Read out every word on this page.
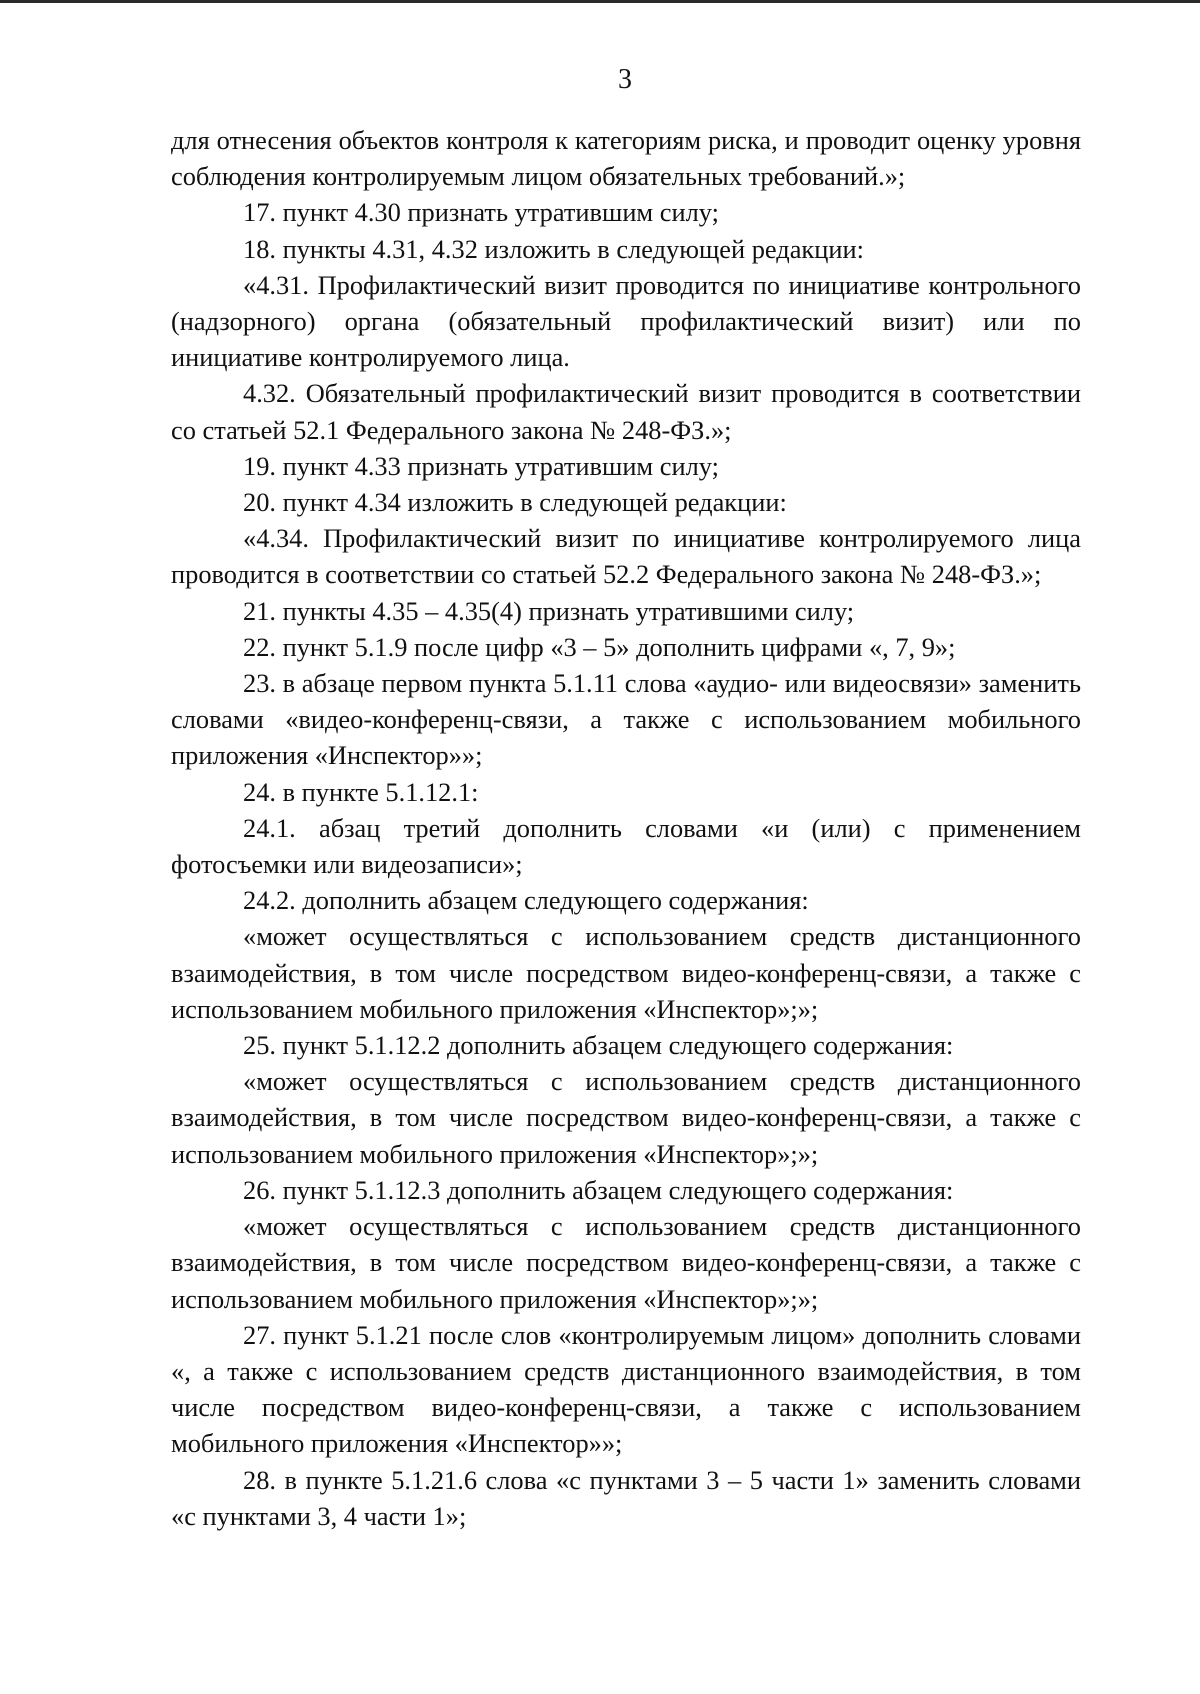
3

для отнесения объектов контроля к категориям риска, и проводит оценку уровня соблюдения контролируемым лицом обязательных требований.»;

17. пункт 4.30 признать утратившим силу;

18. пункты 4.31, 4.32 изложить в следующей редакции:

«4.31. Профилактический визит проводится по инициативе контрольного (надзорного) органа (обязательный профилактический визит) или по инициативе контролируемого лица.

4.32. Обязательный профилактический визит проводится в соответствии со статьей 52.1 Федерального закона № 248-ФЗ.»;

19. пункт 4.33 признать утратившим силу;

20. пункт 4.34 изложить в следующей редакции:

«4.34. Профилактический визит по инициативе контролируемого лица проводится в соответствии со статьей 52.2 Федерального закона № 248-ФЗ.»;

21. пункты 4.35 – 4.35(4) признать утратившими силу;

22. пункт 5.1.9 после цифр «3 – 5» дополнить цифрами «, 7, 9»;

23. в абзаце первом пункта 5.1.11 слова «аудио- или видеосвязи» заменить словами «видео-конференц-связи, а также с использованием мобильного приложения «Инспектор»»;

24. в пункте 5.1.12.1:

24.1. абзац третий дополнить словами «и (или) с применением фотосъемки или видеозаписи»;

24.2. дополнить абзацем следующего содержания:

«может осуществляться с использованием средств дистанционного взаимодействия, в том числе посредством видео-конференц-связи, а также с использованием мобильного приложения «Инспектор»;»;

25. пункт 5.1.12.2 дополнить абзацем следующего содержания:

«может осуществляться с использованием средств дистанционного взаимодействия, в том числе посредством видео-конференц-связи, а также с использованием мобильного приложения «Инспектор»;»;

26. пункт 5.1.12.3 дополнить абзацем следующего содержания:

«может осуществляться с использованием средств дистанционного взаимодействия, в том числе посредством видео-конференц-связи, а также с использованием мобильного приложения «Инспектор»;»;

27. пункт 5.1.21 после слов «контролируемым лицом» дополнить словами «, а также с использованием средств дистанционного взаимодействия, в том числе посредством видео-конференц-связи, а также с использованием мобильного приложения «Инспектор»»;

28. в пункте 5.1.21.6 слова «с пунктами 3 – 5 части 1» заменить словами «с пунктами 3, 4 части 1»;
